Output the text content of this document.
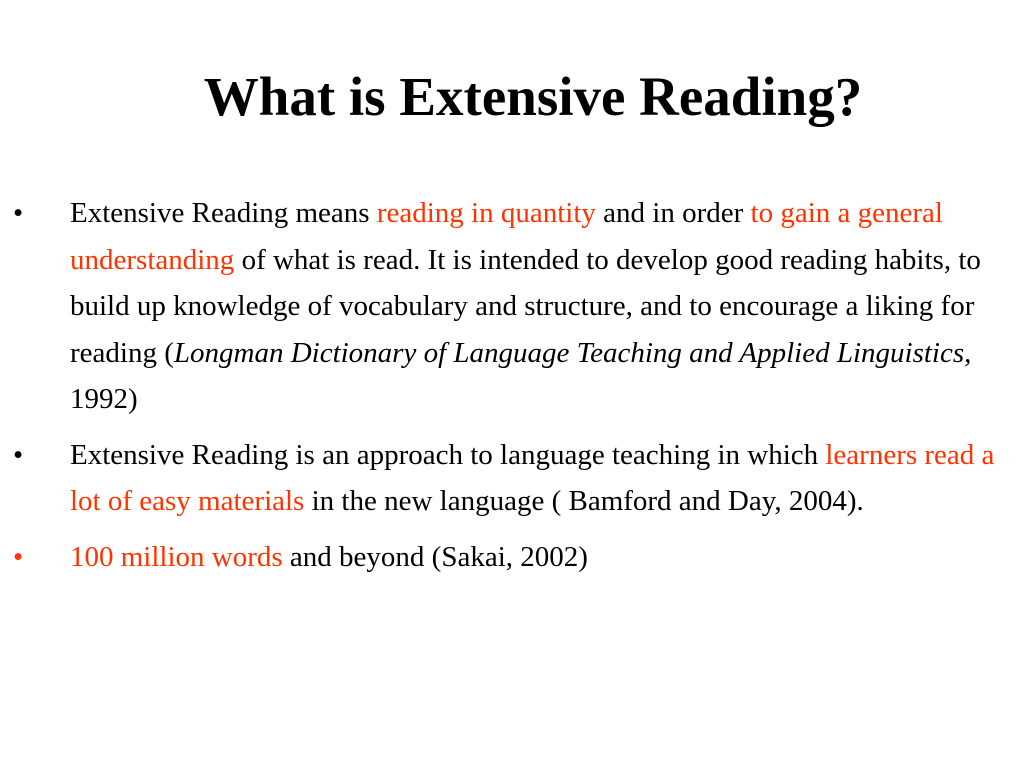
What is Extensive Reading?
• Extensive Reading means reading in quantity and in order to gain a general understanding of what is read. It is intended to develop good reading habits, to build up knowledge of vocabulary and structure, and to encourage a liking for reading (Longman Dictionary of Language Teaching and Applied Linguistics, 1992)
• Extensive Reading is an approach to language teaching in which learners read a lot of easy materials in the new language ( Bamford and Day, 2004).
• 100 million words and beyond (Sakai, 2002)
